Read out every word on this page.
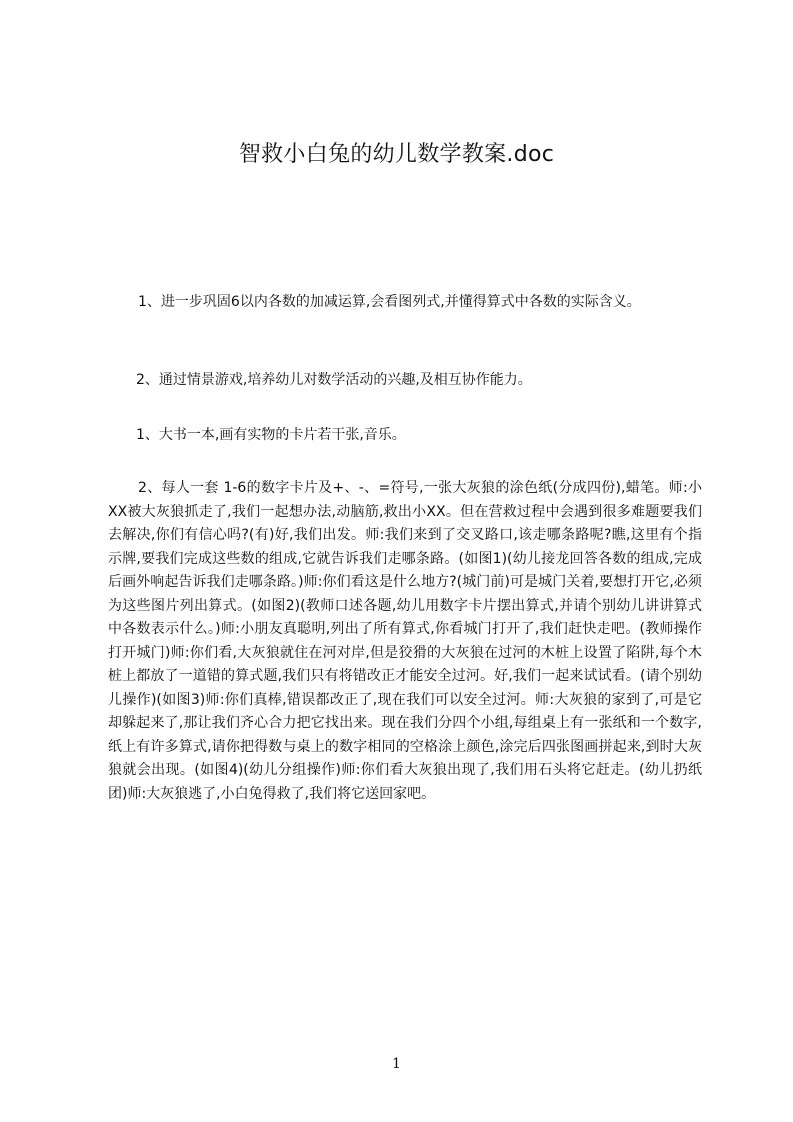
智救小白兔的幼儿数学教案.doc
1、进一步巩固6以内各数的加减运算,会看图列式,并懂得算式中各数的实际含义。
2、通过情景游戏,培养幼儿对数学活动的兴趣,及相互协作能力。
1、大书一本,画有实物的卡片若干张,音乐。
2、每人一套 1-6的数字卡片及+、-、=符号,一张大灰狼的涂色纸(分成四份),蜡笔。师:小XX被大灰狼抓走了,我们一起想办法,动脑筋,救出小XX。但在营救过程中会遇到很多难题要我们去解决,你们有信心吗?(有)好,我们出发。师:我们来到了交叉路口,该走哪条路呢?瞧,这里有个指示牌,要我们完成这些数的组成,它就告诉我们走哪条路。(如图1)(幼儿接龙回答各数的组成,完成后画外响起告诉我们走哪条路。)师:你们看这是什么地方?(城门前)可是城门关着,要想打开它,必须为这些图片列出算式。(如图2)(教师口述各题,幼儿用数字卡片摆出算式,并请个别幼儿讲讲算式中各数表示什么。)师:小朋友真聪明,列出了所有算式,你看城门打开了,我们赶快走吧。(教师操作打开城门)师:你们看,大灰狼就住在河对岸,但是狡猾的大灰狼在过河的木桩上设置了陷阱,每个木桩上都放了一道错的算式题,我们只有将错改正才能安全过河。好,我们一起来试试看。(请个别幼儿操作)(如图3)师:你们真棒,错误都改正了,现在我们可以安全过河。师:大灰狼的家到了,可是它却躲起来了,那让我们齐心合力把它找出来。现在我们分四个小组,每组桌上有一张纸和一个数字,纸上有许多算式,请你把得数与桌上的数字相同的空格涂上颜色,涂完后四张图画拼起来,到时大灰狼就会出现。(如图4)(幼儿分组操作)师:你们看大灰狼出现了,我们用石头将它赶走。(幼儿扔纸团)师:大灰狼逃了,小白兔得救了,我们将它送回家吧。
1
